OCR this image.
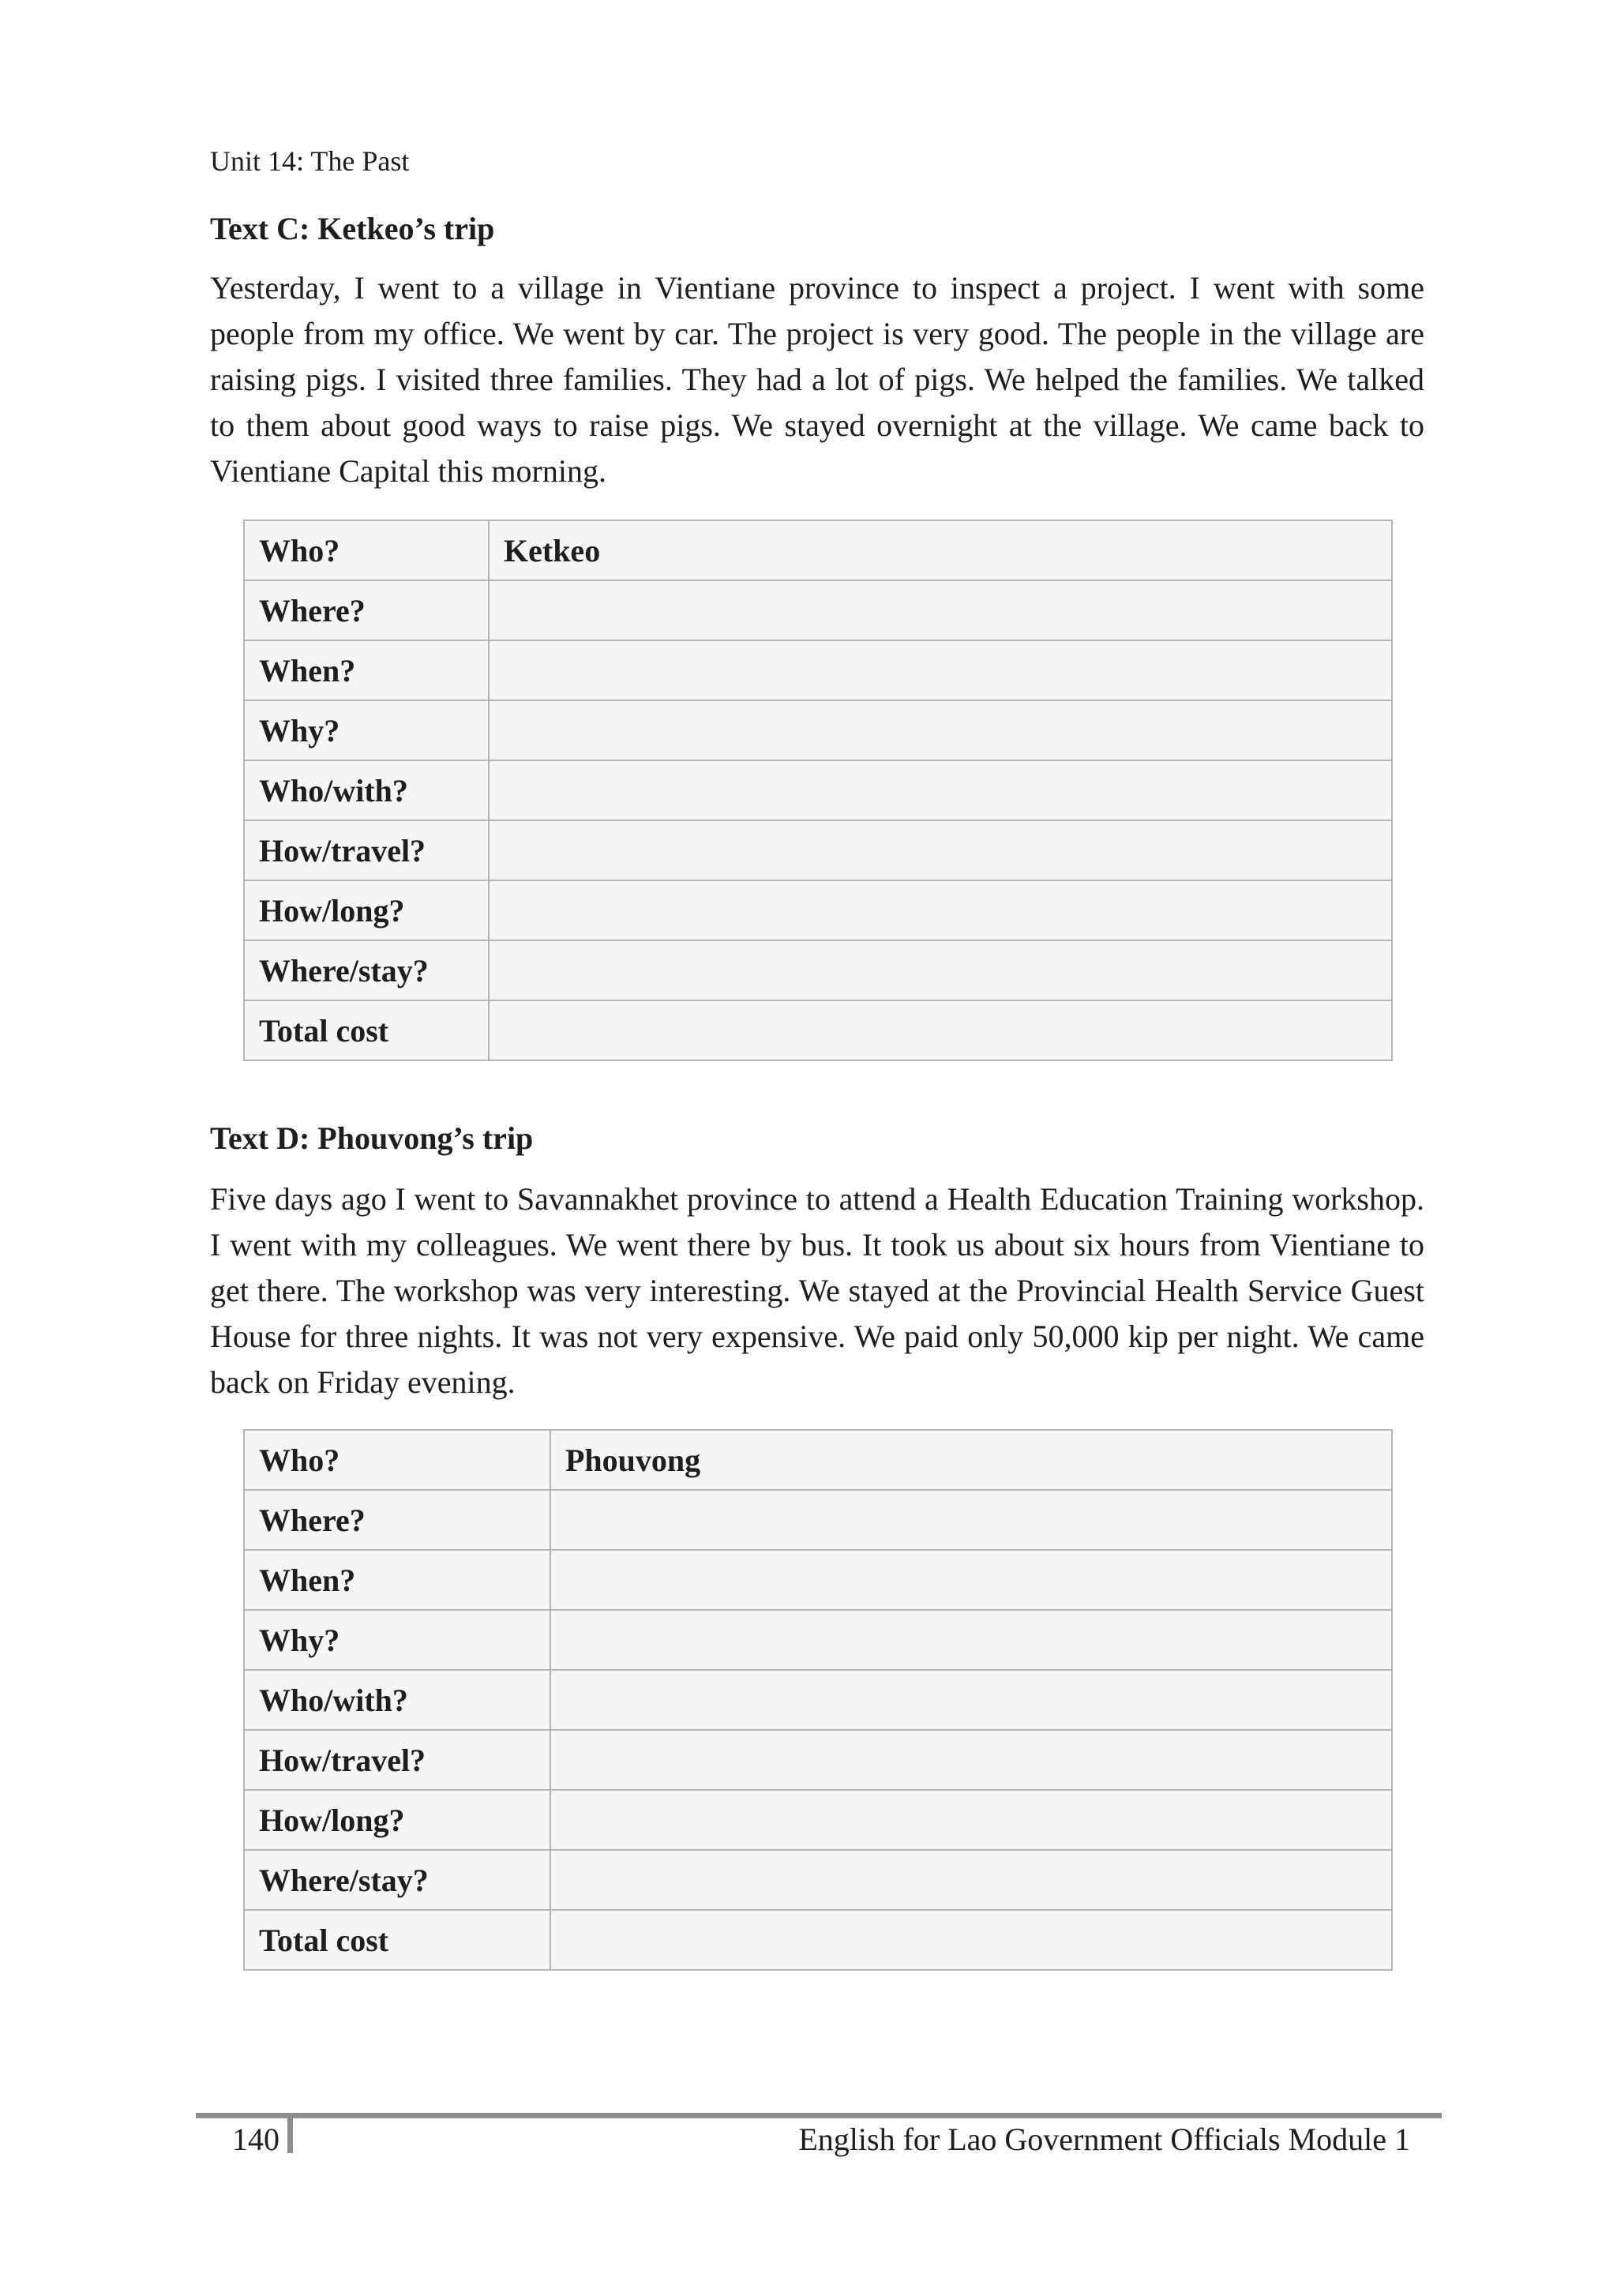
Unit 14: The Past
Text C: Ketkeo’s trip

Yesterday, I went to a village in Vientiane province to inspect a project. I went with some people from my office. We went by car. The project is very good. The people in the village are raising pigs. I visited three families. They had a lot of pigs. We helped the families. We talked to them about good ways to raise pigs. We stayed overnight at the village. We came back to Vientiane Capital this morning.

Who?	Ketkeo
Where?	
When?	
Why?	
Who/with?	
How/travel?	
How/long?	
Where/stay?	
Total cost	
Text D: Phouvong’s trip

Five days ago I went to Savannakhet province to attend a Health Education Training workshop. I went with my colleagues. We went there by bus. It took us about six hours from Vientiane to get there. The workshop was very interesting. We stayed at the Provincial Health Service Guest House for three nights. It was not very expensive. We paid only 50,000 kip per night. We came back on Friday evening.

Who?	Phouvong
Where?	
When?	
Why?	
Who/with?	
How/travel?	
How/long?	
Where/stay?	
Total cost	
140	English for Lao Government Officials Module 1
